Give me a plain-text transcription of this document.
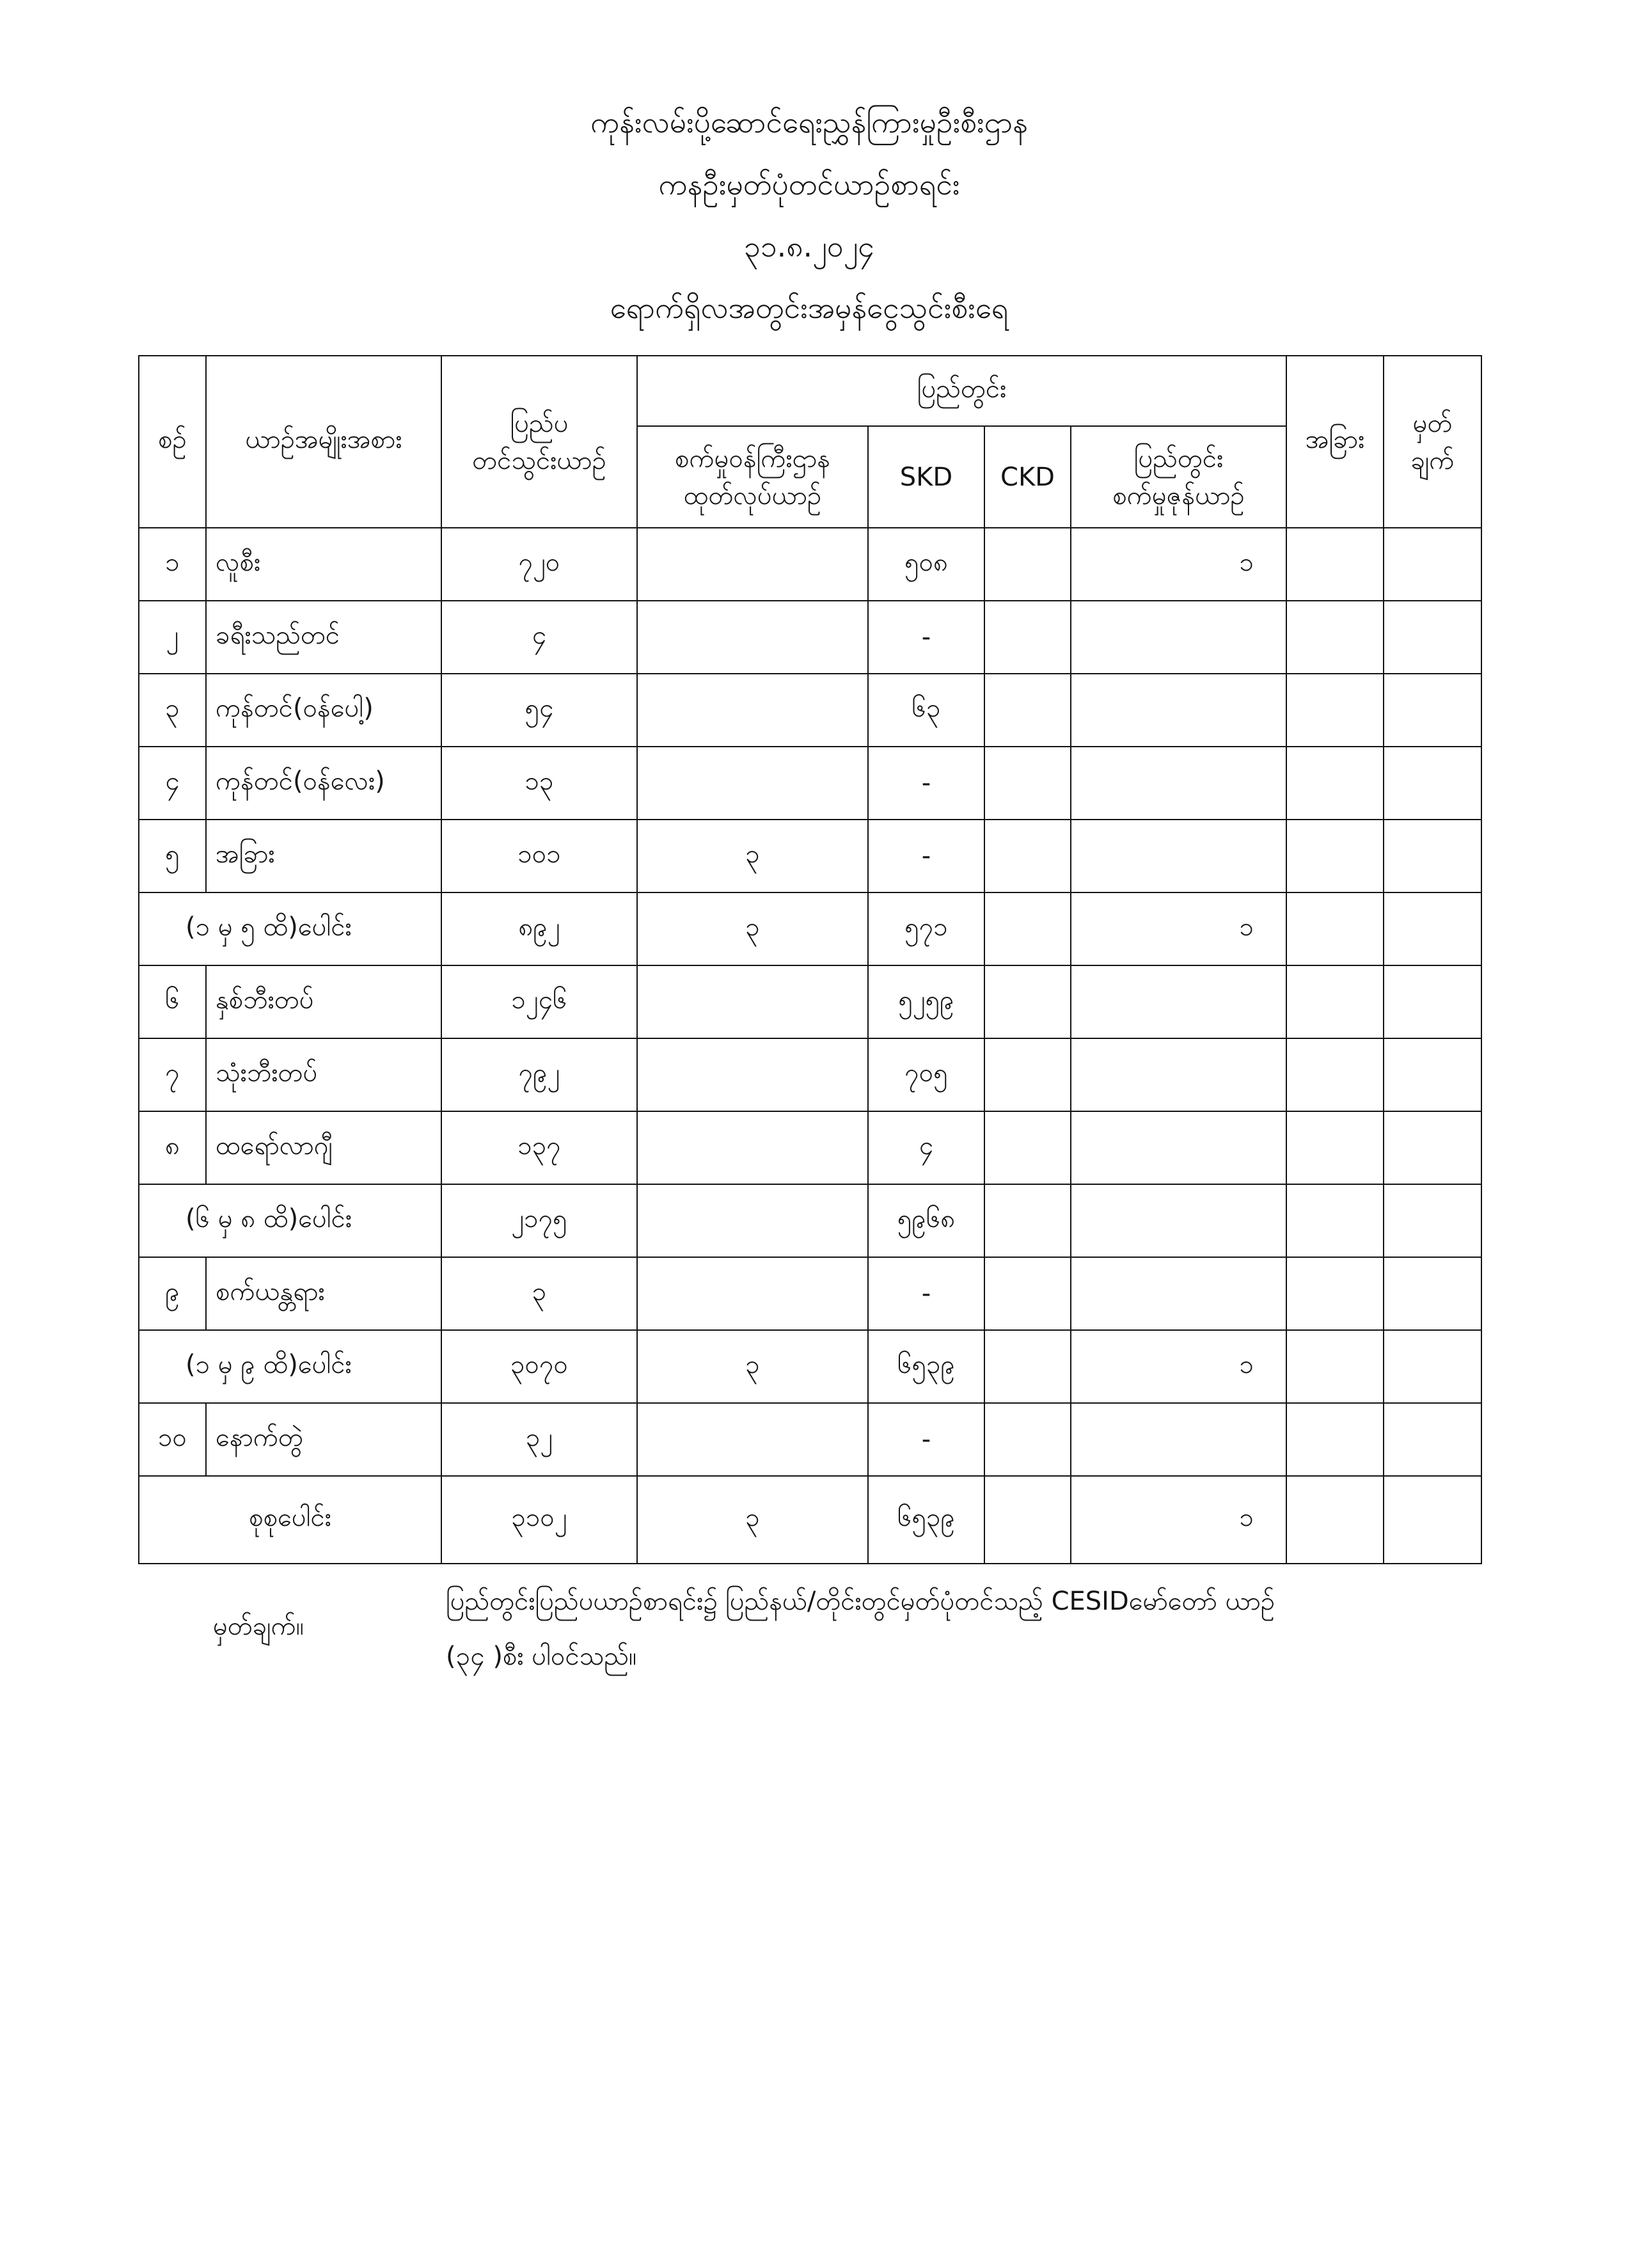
ကုန်းလမ်းပို့ဆောင်ရေးညွှန်ကြားမှုဦးစီးဌာန
ကနဦးမှတ်ပုံတင်ယာဉ်စာရင်း
၃၁.၈.၂၀၂၄
ရောက်ရှိလအတွင်းအမှန်ငွေသွင်းစီးရေ
စဉ်	ယာဉ်အမျိုးအစား	ပြည်ပ
တင်သွင်းယာဉ်	ပြည်တွင်း				အခြား	မှတ်
ချက်

			စက်မှုဝန်ကြီးဌာန
ထုတ်လုပ်ယာဉ်	SKD	CKD	ပြည်တွင်း
စက်မှုဇုန်ယာဉ်		

၁	လူစီး	၇၂၀		၅၀၈		၁		
၂	ခရီးသည်တင်	၄		-				
၃	ကုန်တင်(ဝန်ပေါ့)	၅၄		၆၃				
၄	ကုန်တင်(ဝန်လေး)	၁၃		-				
၅	အခြား	၁၀၁	၃	-				
(၁ မှ ၅ ထိ)ပေါင်း		၈၉၂	၃	၅၇၁		၁		
၆	နှစ်ဘီးတပ်	၁၂၄၆		၅၂၅၉				
၇	သုံးဘီးတပ်	၇၉၂		၇၀၅				
၈	ထရော်လာဂျီ	၁၃၇		၄				
(၆ မှ ၈ ထိ)ပေါင်း		၂၁၇၅		၅၉၆၈				
၉	စက်ယန္တရား	၃		-				
(၁ မှ ၉ ထိ)ပေါင်း		၃၀၇၀	၃	၆၅၃၉		၁		
၁၀	နောက်တွဲ	၃၂		-				
စုစုပေါင်း		၃၁၀၂	၃	၆၅၃၉		၁		
မှတ်ချက်။
ပြည်တွင်းပြည်ပယာဉ်စာရင်း၌ ပြည်နယ်/တိုင်းတွင်မှတ်ပုံတင်သည့် CESIDမော်တော် ယာဉ်
(၃၄ )စီး ပါဝင်သည်။
